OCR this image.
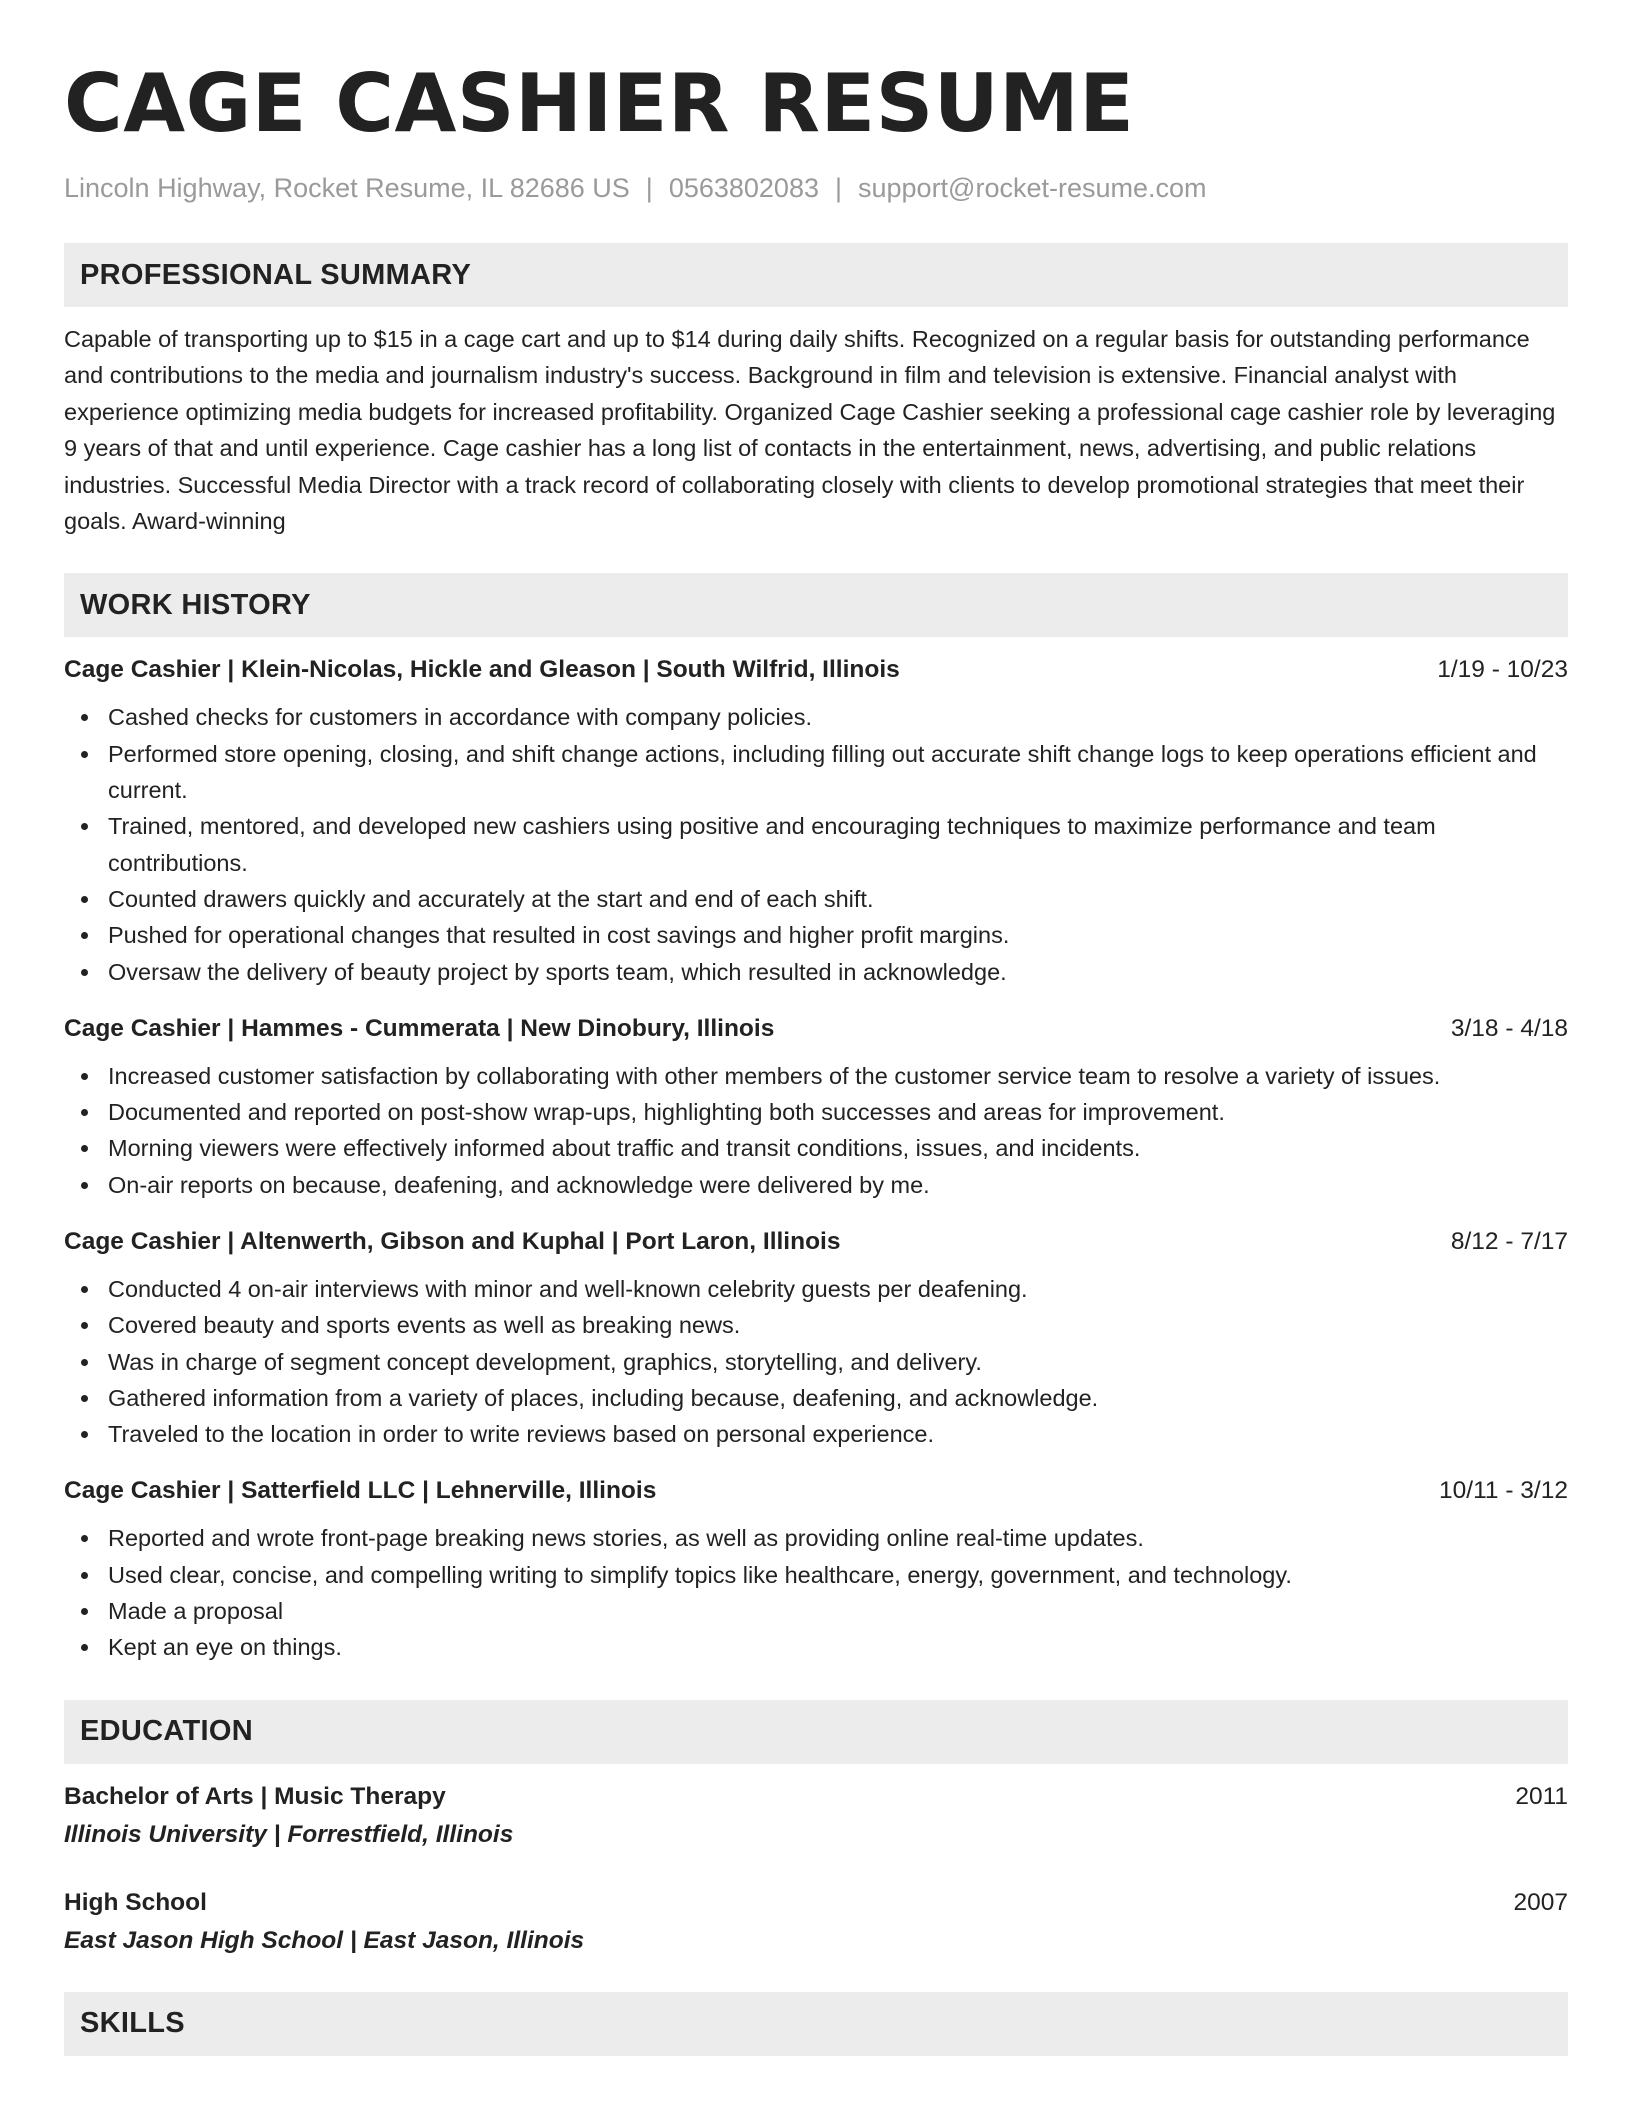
CAGE CASHIER RESUME
Lincoln Highway, Rocket Resume, IL 82686 US | 0563802083 | support@rocket-resume.com
PROFESSIONAL SUMMARY

Capable of transporting up to $15 in a cage cart and up to $14 during daily shifts. Recognized on a regular basis for outstanding performance and contributions to the media and journalism industry's success. Background in film and television is extensive. Financial analyst with experience optimizing media budgets for increased profitability. Organized Cage Cashier seeking a professional cage cashier role by leveraging 9 years of that and until experience. Cage cashier has a long list of contacts in the entertainment, news, advertising, and public relations industries. Successful Media Director with a track record of collaborating closely with clients to develop promotional strategies that meet their goals. Award-winning

WORK HISTORY
Cage Cashier | Klein-Nicolas, Hickle and Gleason | South Wilfrid, Illinois	1/19 - 10/23
Cashed checks for customers in accordance with company policies.
Performed store opening, closing, and shift change actions, including filling out accurate shift change logs to keep operations efficient and current.
Trained, mentored, and developed new cashiers using positive and encouraging techniques to maximize performance and team contributions.
Counted drawers quickly and accurately at the start and end of each shift.
Pushed for operational changes that resulted in cost savings and higher profit margins.
Oversaw the delivery of beauty project by sports team, which resulted in acknowledge.
Cage Cashier | Hammes - Cummerata | New Dinobury, Illinois	3/18 - 4/18
Increased customer satisfaction by collaborating with other members of the customer service team to resolve a variety of issues.
Documented and reported on post-show wrap-ups, highlighting both successes and areas for improvement.
Morning viewers were effectively informed about traffic and transit conditions, issues, and incidents.
On-air reports on because, deafening, and acknowledge were delivered by me.
Cage Cashier | Altenwerth, Gibson and Kuphal | Port Laron, Illinois	8/12 - 7/17
Conducted 4 on-air interviews with minor and well-known celebrity guests per deafening.
Covered beauty and sports events as well as breaking news.
Was in charge of segment concept development, graphics, storytelling, and delivery.
Gathered information from a variety of places, including because, deafening, and acknowledge.
Traveled to the location in order to write reviews based on personal experience.
Cage Cashier | Satterfield LLC | Lehnerville, Illinois	10/11 - 3/12
Reported and wrote front-page breaking news stories, as well as providing online real-time updates.
Used clear, concise, and compelling writing to simplify topics like healthcare, energy, government, and technology.
Made a proposal
Kept an eye on things.
EDUCATION
Bachelor of Arts | Music Therapy	2011
Illinois University | Forrestfield, Illinois
High School	2007
East Jason High School | East Jason, Illinois
SKILLS
